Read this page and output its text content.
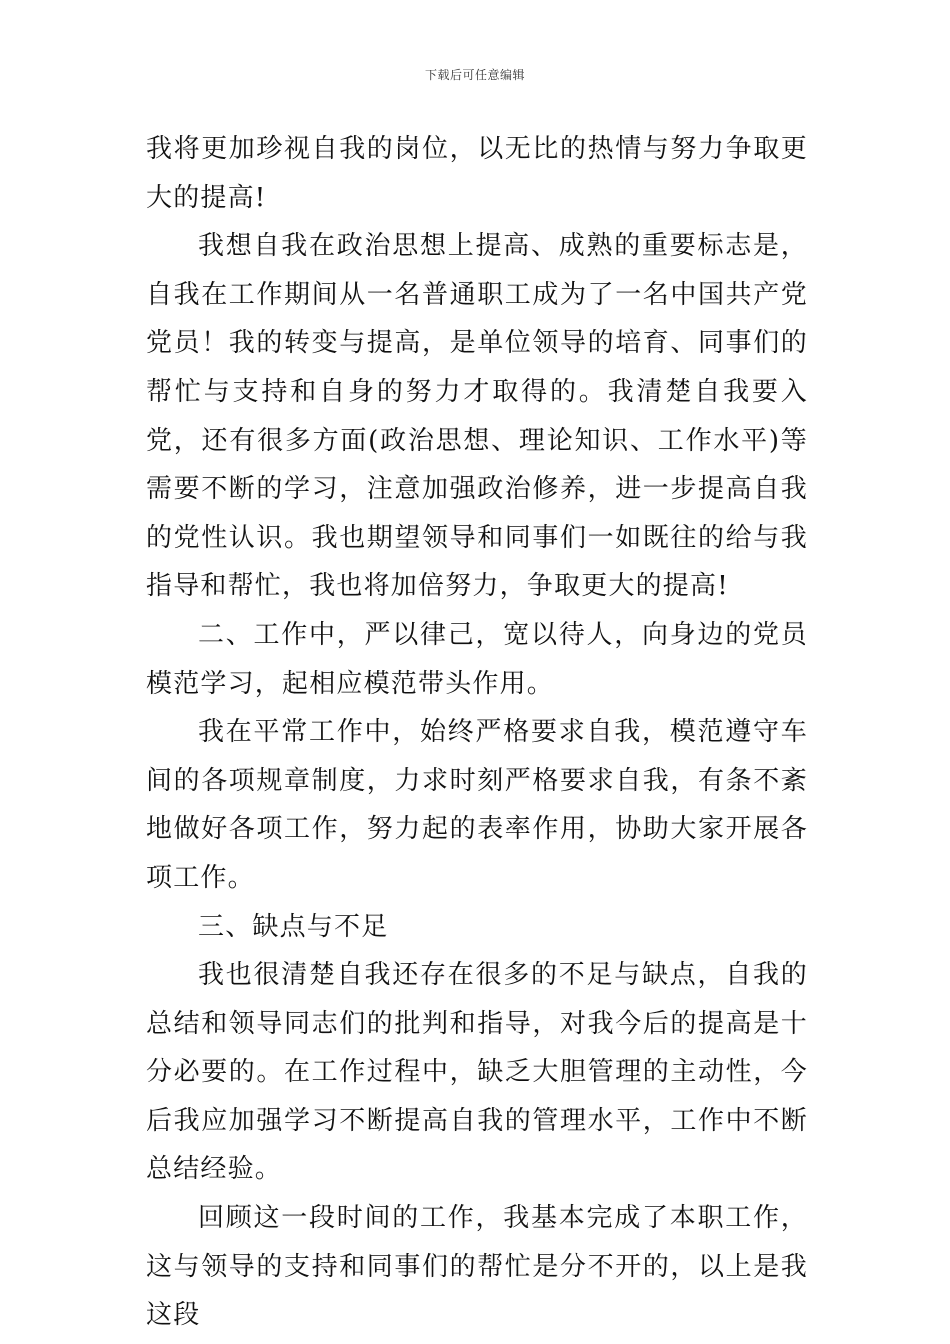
下载后可任意编辑

我将更加珍视自我的岗位，以无比的热情与努力争取更大的提高!

我想自我在政治思想上提高、成熟的重要标志是，自我在工作期间从一名普通职工成为了一名中国共产党党员！我的转变与提高，是单位领导的培育、同事们的帮忙与支持和自身的努力才取得的。我清楚自我要入党，还有很多方面(政治思想、理论知识、工作水平)等需要不断的学习，注意加强政治修养，进一步提高自我的党性认识。我也期望领导和同事们一如既往的给与我指导和帮忙，我也将加倍努力，争取更大的提高!

二、工作中，严以律己，宽以待人，向身边的党员模范学习，起相应模范带头作用。

我在平常工作中，始终严格要求自我，模范遵守车间的各项规章制度，力求时刻严格要求自我，有条不紊地做好各项工作，努力起的表率作用，协助大家开展各项工作。

三、缺点与不足

我也很清楚自我还存在很多的不足与缺点，自我的总结和领导同志们的批判和指导，对我今后的提高是十分必要的。在工作过程中，缺乏大胆管理的主动性，今后我应加强学习不断提高自我的管理水平，工作中不断总结经验。

回顾这一段时间的工作，我基本完成了本职工作，这与领导的支持和同事们的帮忙是分不开的，以上是我这段
